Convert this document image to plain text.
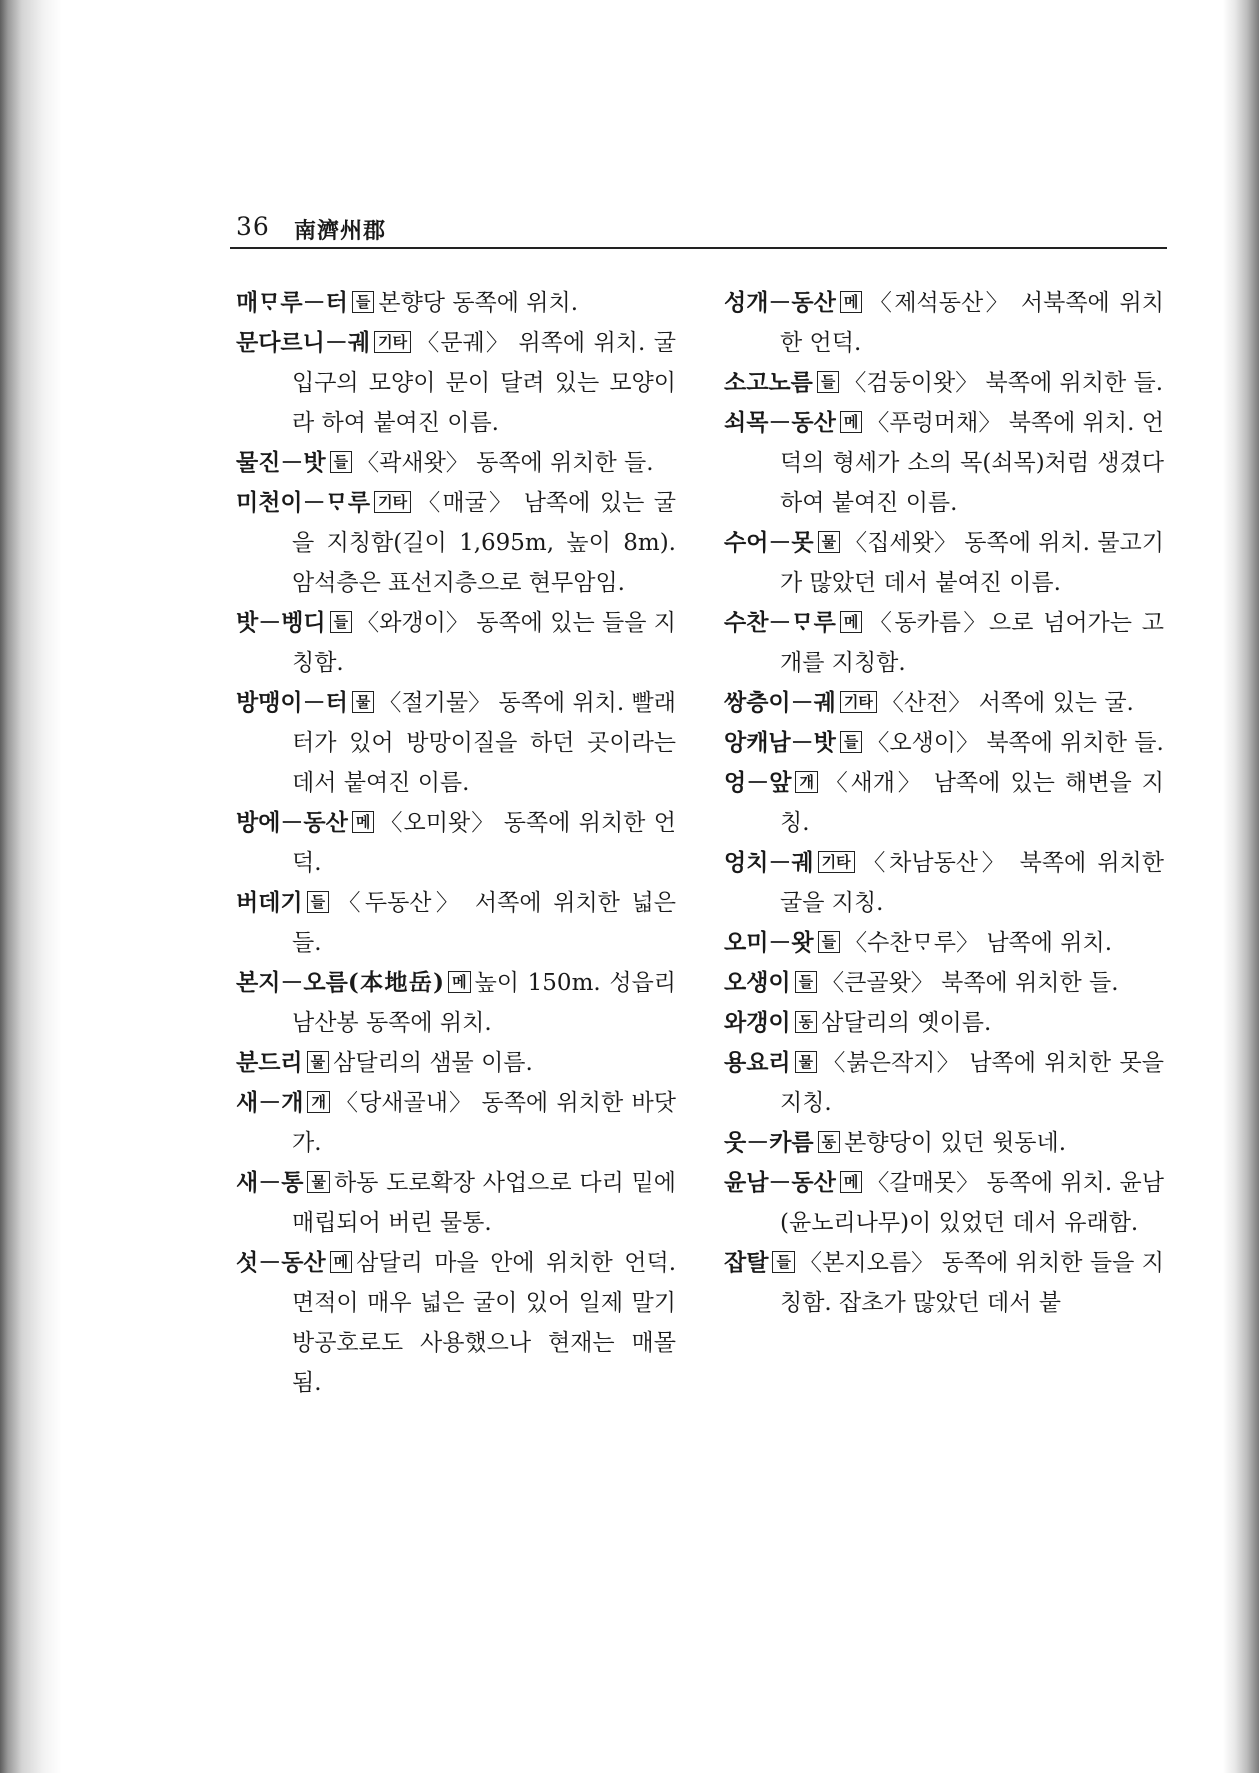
36 南濟州郡
매ᄆᆞ루－터 들 본향당 동쪽에 위치.
문다르니－궤 기타 〈문궤〉 위쪽에 위치. 굴 입구의 모양이 문이 달려 있는 모양이라 하여 붙여진 이름.
물진－밧 들 〈곽새왓〉 동쪽에 위치한 들.
미천이－ᄆᆞ루 기타 〈매굴〉 남쪽에 있는 굴을 지칭함(길이 1,695m, 높이 8m). 암석층은 표선지층으로 현무암임.
밧－벵디 들 〈와갱이〉 동쪽에 있는 들을 지칭함.
방맹이－터 물 〈절기물〉 동쪽에 위치. 빨래터가 있어 방망이질을 하던 곳이라는 데서 붙여진 이름.
방에－동산 메 〈오미왓〉 동쪽에 위치한 언덕.
버데기 들 〈두동산〉 서쪽에 위치한 넓은 들.
본지－오름(本地岳) 메 높이 150m. 성읍리 남산봉 동쪽에 위치.
분드리 물 삼달리의 샘물 이름.
새－개 개 〈당새골내〉 동쪽에 위치한 바닷가.
새－통 물 하동 도로확장 사업으로 다리 밑에 매립되어 버린 물통.
섯－동산 메 삼달리 마을 안에 위치한 언덕. 면적이 매우 넓은 굴이 있어 일제 말기 방공호로도 사용했으나 현재는 매몰됨.
성개－동산 메 〈제석동산〉 서북쪽에 위치한 언덕.
소고노름 들 〈검둥이왓〉 북쪽에 위치한 들.
쇠목－동산 메 〈푸렁머채〉 북쪽에 위치. 언덕의 형세가 소의 목(쇠목)처럼 생겼다 하여 붙여진 이름.
수어－못 물 〈집세왓〉 동쪽에 위치. 물고기가 많았던 데서 붙여진 이름.
수찬－ᄆᆞ루 메 〈동카름〉으로 넘어가는 고개를 지칭함.
쌍층이－궤 기타 〈산전〉 서쪽에 있는 굴.
앙캐남－밧 들 〈오생이〉 북쪽에 위치한 들.
엉－앞 개 〈새개〉 남쪽에 있는 해변을 지칭.
엉치－궤 기타 〈차남동산〉 북쪽에 위치한 굴을 지칭.
오미－왓 들 〈수찬ᄆᆞ루〉 남쪽에 위치.
오생이 들 〈큰골왓〉 북쪽에 위치한 들.
와갱이 동 삼달리의 옛이름.
용요리 물 〈붉은작지〉 남쪽에 위치한 못을 지칭.
웃－카름 동 본향당이 있던 윗동네.
윤남－동산 메 〈갈매못〉 동쪽에 위치. 윤남(윤노리나무)이 있었던 데서 유래함.
잡탈 들 〈본지오름〉 동쪽에 위치한 들을 지칭함. 잡초가 많았던 데서 붙
